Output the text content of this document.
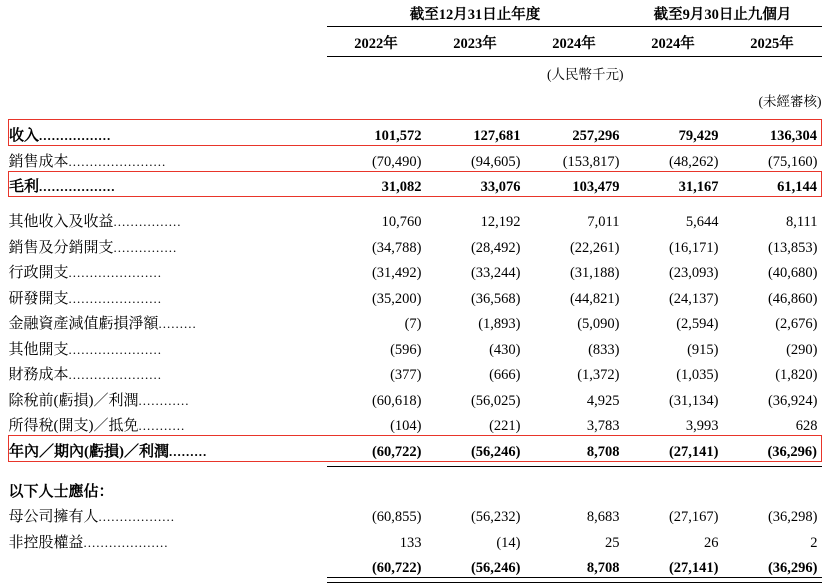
	截至12月31日止年度			截至9月30日止九個月	
	2022年	2023年	2024年	2024年	2025年
			(人民幣千元)		
				(未經審核)	

收入.................	101,572	127,681	257,296	79,429	136,304
銷售成本.......................	(70,490)	(94,605)	(153,817)	(48,262)	(75,160)

毛利..................	31,082	33,076	103,479	31,167	61,144

其他收入及收益................	10,760	12,192	7,011	5,644	8,111
銷售及分銷開支...............	(34,788)	(28,492)	(22,261)	(16,171)	(13,853)
行政開支......................	(31,492)	(33,244)	(31,188)	(23,093)	(40,680)
研發開支......................	(35,200)	(36,568)	(44,821)	(24,137)	(46,860)
金融資產減值虧損淨額.........	(7)	(1,893)	(5,090)	(2,594)	(2,676)
其他開支......................	(596)	(430)	(833)	(915)	(290)
財務成本......................	(377)	(666)	(1,372)	(1,035)	(1,820)

除稅前(虧損)／利潤............	(60,618)	(56,025)	4,925	(31,134)	(36,924)
所得稅(開支)／抵免...........	(104)	(221)	3,783	3,993	628

年內／期內(虧損)／利潤.........	(60,722)	(56,246)	8,708	(27,141)	(36,296)

以下人士應佔：					
母公司擁有人..................	(60,855)	(56,232)	8,683	(27,167)	(36,298)
非控股權益....................	133	(14)	25	26	2

	(60,722)	(56,246)	8,708	(27,141)	(36,296)
